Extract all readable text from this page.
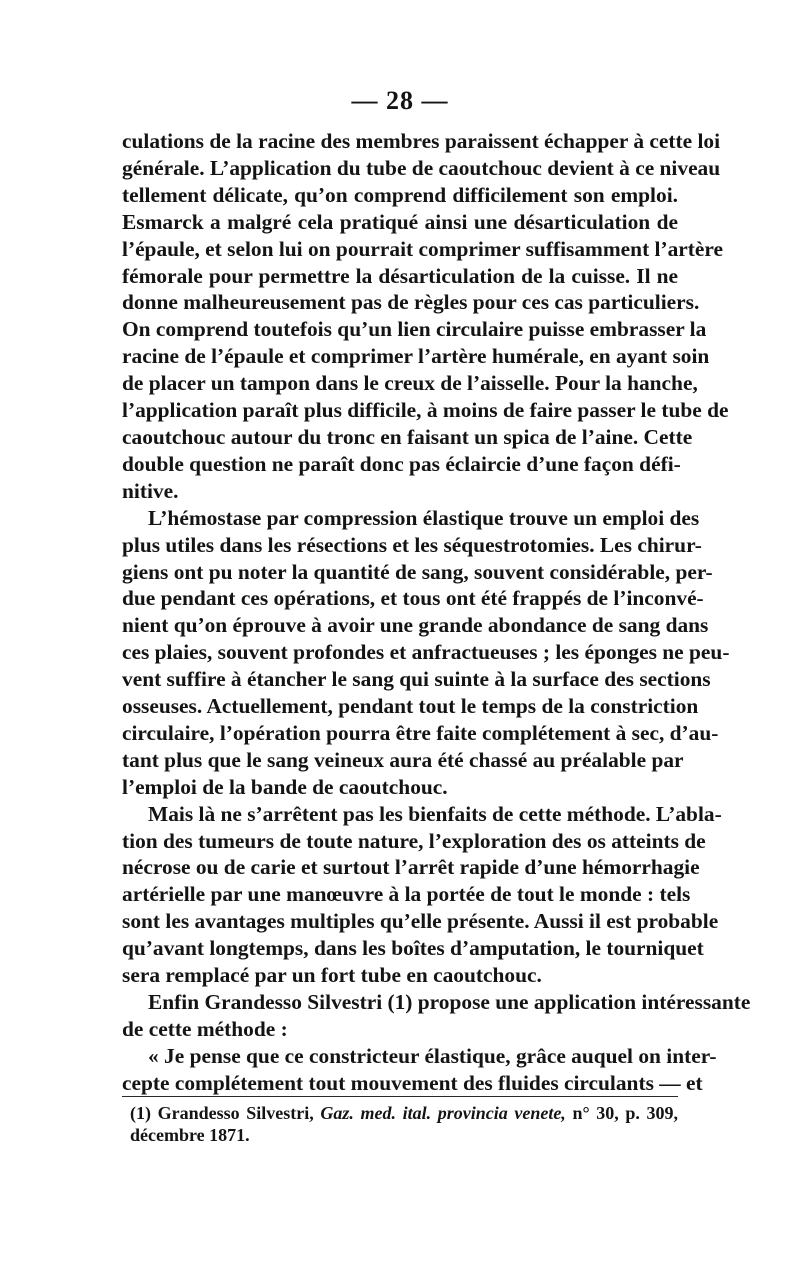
— 28 —

culations de la racine des membres paraissent échapper à cette loi
générale. L’application du tube de caoutchouc devient à ce niveau
tellement délicate, qu’on comprend difficilement son emploi.
Esmarck a malgré cela pratiqué ainsi une désarticulation de
l’épaule, et selon lui on pourrait comprimer suffisamment l’artère
fémorale pour permettre la désarticulation de la cuisse. Il ne
donne malheureusement pas de règles pour ces cas particuliers.
On comprend toutefois qu’un lien circulaire puisse embrasser la
racine de l’épaule et comprimer l’artère humérale, en ayant soin
de placer un tampon dans le creux de l’aisselle. Pour la hanche,
l’application paraît plus difficile, à moins de faire passer le tube de
caoutchouc autour du tronc en faisant un spica de l’aine. Cette
double question ne paraît donc pas éclaircie d’une façon défi-
nitive.

L’hémostase par compression élastique trouve un emploi des
plus utiles dans les résections et les séquestrotomies. Les chirur-
giens ont pu noter la quantité de sang, souvent considérable, per-
due pendant ces opérations, et tous ont été frappés de l’inconvé-
nient qu’on éprouve à avoir une grande abondance de sang dans
ces plaies, souvent profondes et anfractueuses ; les éponges ne peu-
vent suffire à étancher le sang qui suinte à la surface des sections
osseuses. Actuellement, pendant tout le temps de la constriction
circulaire, l’opération pourra être faite complétement à sec, d’au-
tant plus que le sang veineux aura été chassé au préalable par
l’emploi de la bande de caoutchouc.

Mais là ne s’arrêtent pas les bienfaits de cette méthode. L’abla-
tion des tumeurs de toute nature, l’exploration des os atteints de
nécrose ou de carie et surtout l’arrêt rapide d’une hémorrhagie
artérielle par une manœuvre à la portée de tout le monde : tels
sont les avantages multiples qu’elle présente. Aussi il est probable
qu’avant longtemps, dans les boîtes d’amputation, le tourniquet
sera remplacé par un fort tube en caoutchouc.

Enfin Grandesso Silvestri (1) propose une application intéressante
de cette méthode :

« Je pense que ce constricteur élastique, grâce auquel on inter-
cepte complétement tout mouvement des fluides circulants — et

(1) Grandesso Silvestri, Gaz. med. ital. provincia venete, n° 30, p. 309,
décembre 1871.
